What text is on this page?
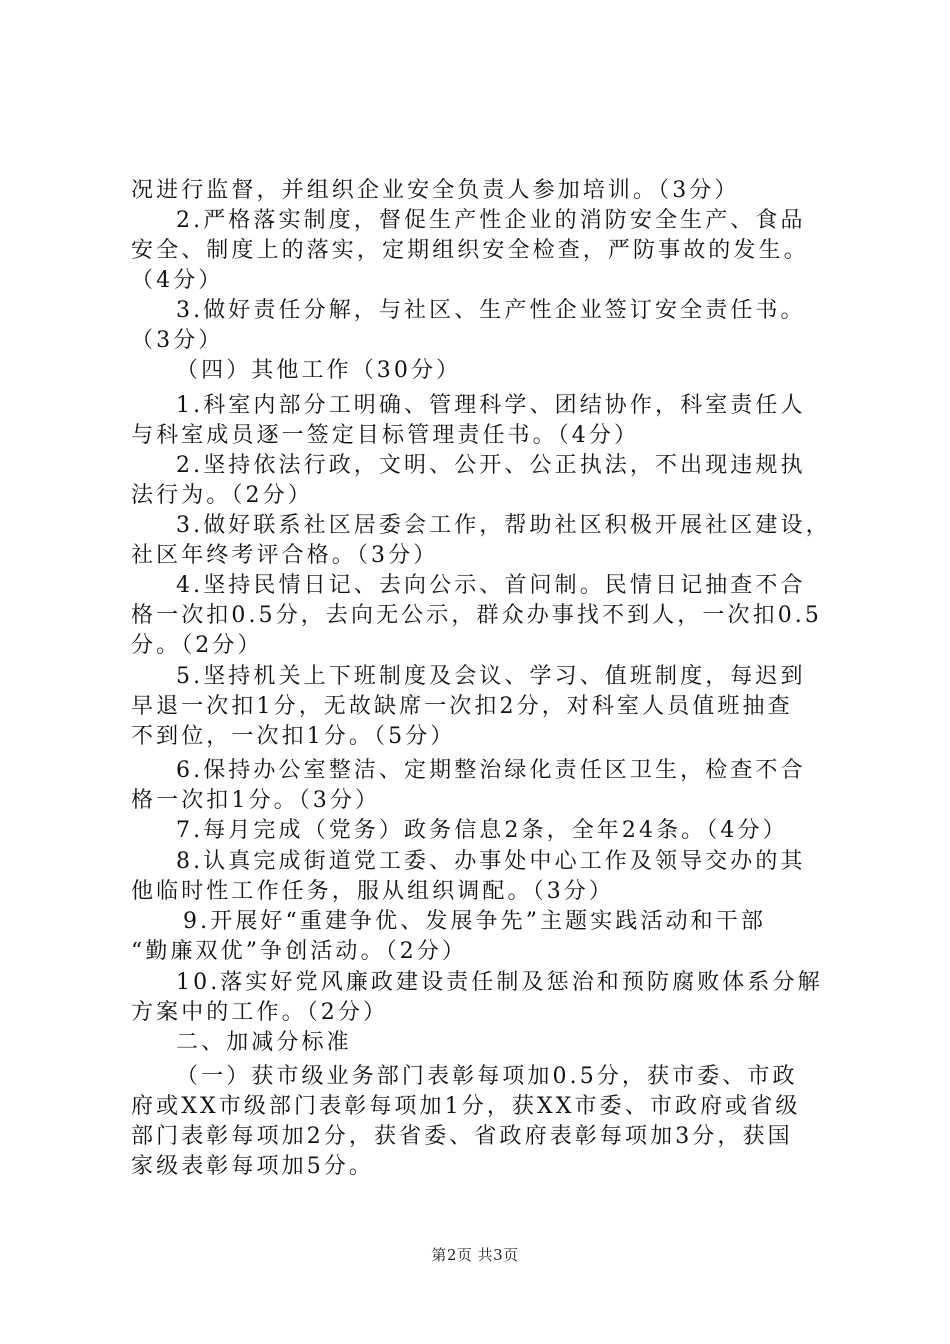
况进行监督，并组织企业安全负责人参加培训。（3分）
2.严格落实制度，督促生产性企业的消防安全生产、食品
安全、制度上的落实，定期组织安全检查，严防事故的发生。
（4分）
3.做好责任分解，与社区、生产性企业签订安全责任书。
（3分）
（四）其他工作（30分）
1.科室内部分工明确、管理科学、团结协作，科室责任人
与科室成员逐一签定目标管理责任书。（4分）
2.坚持依法行政，文明、公开、公正执法，不出现违规执
法行为。（2分）
3.做好联系社区居委会工作，帮助社区积极开展社区建设，
社区年终考评合格。（3分）
4.坚持民情日记、去向公示、首问制。民情日记抽查不合
格一次扣0.5分，去向无公示，群众办事找不到人，一次扣0.5
分。（2分）
5.坚持机关上下班制度及会议、学习、值班制度，每迟到
早退一次扣1分，无故缺席一次扣2分，对科室人员值班抽查
不到位，一次扣1分。（5分）
6.保持办公室整洁、定期整治绿化责任区卫生，检查不合
格一次扣1分。（3分）
7.每月完成（党务）政务信息2条，全年24条。（4分）
8.认真完成街道党工委、办事处中心工作及领导交办的其
他临时性工作任务，服从组织调配。（3分）
9.开展好“重建争优、发展争先”主题实践活动和干部
“勤廉双优”争创活动。（2分）
10.落实好党风廉政建设责任制及惩治和预防腐败体系分解
方案中的工作。（2分）
二、加减分标准
（一）获市级业务部门表彰每项加0.5分，获市委、市政
府或XX市级部门表彰每项加1分，获XX市委、市政府或省级
部门表彰每项加2分，获省委、省政府表彰每项加3分，获国
家级表彰每项加5分。
第2页 共3页
